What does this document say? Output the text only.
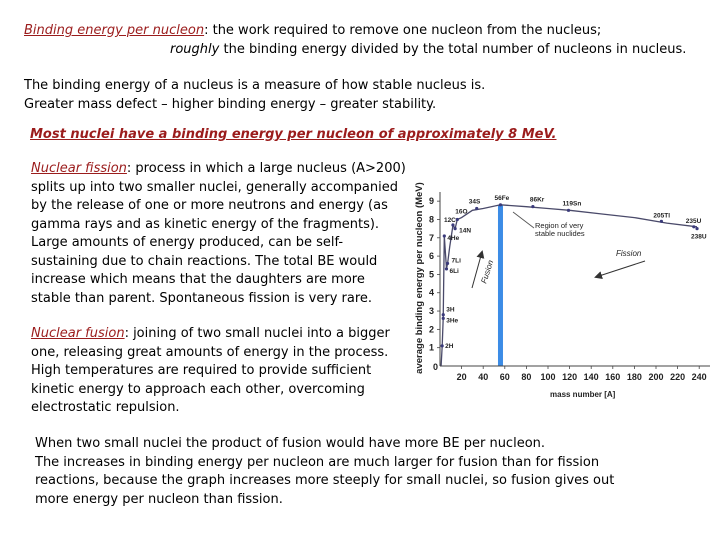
Binding energy per nucleon: the work required to remove one nucleon from the nucleus;
roughly the binding energy divided by the total number of nucleons in nucleus.
The binding energy of a nucleus is a measure of how stable nucleus is.
Greater mass defect – higher binding energy – greater stability.
Most nuclei have a binding energy per nucleon of approximately 8 MeV.
Nuclear fission: process in which a large nucleus (A>200)
splits up into two smaller nuclei, generally accompanied
by the release of one or more neutrons and energy (as
gamma rays and as kinetic energy of the fragments).
Large amounts of energy produced, can be self-
sustaining due to chain reactions. The total BE would
increase which means that the daughters are more
stable than parent. Spontaneous fission is very rare.
Nuclear fusion: joining of two small nuclei into a bigger
one, releasing great amounts of energy in the process.
High temperatures are required to provide sufficient
kinetic energy to approach each other, overcoming
electrostatic repulsion.
When two small nuclei the product of fusion would have more BE per nucleon.
The increases in binding energy per nucleon are much larger for fusion than for fission
reactions, because the graph increases more steeply for small nuclei, so fusion gives out
more energy per nucleon than fission.
average binding energy per nucleon (MeV)
mass number [A]
0
20 40 60 80 100 120 140 160 180 200 220 240
1
2
3
4
5
6
7
8
9
2H
3He
3H
6Li
7Li
4He
14N
12C
16O
56Fe
34S	86Kr
119Sn
205Tl
235U
238U
Region of very stable nuclides
Fission
Fusion
